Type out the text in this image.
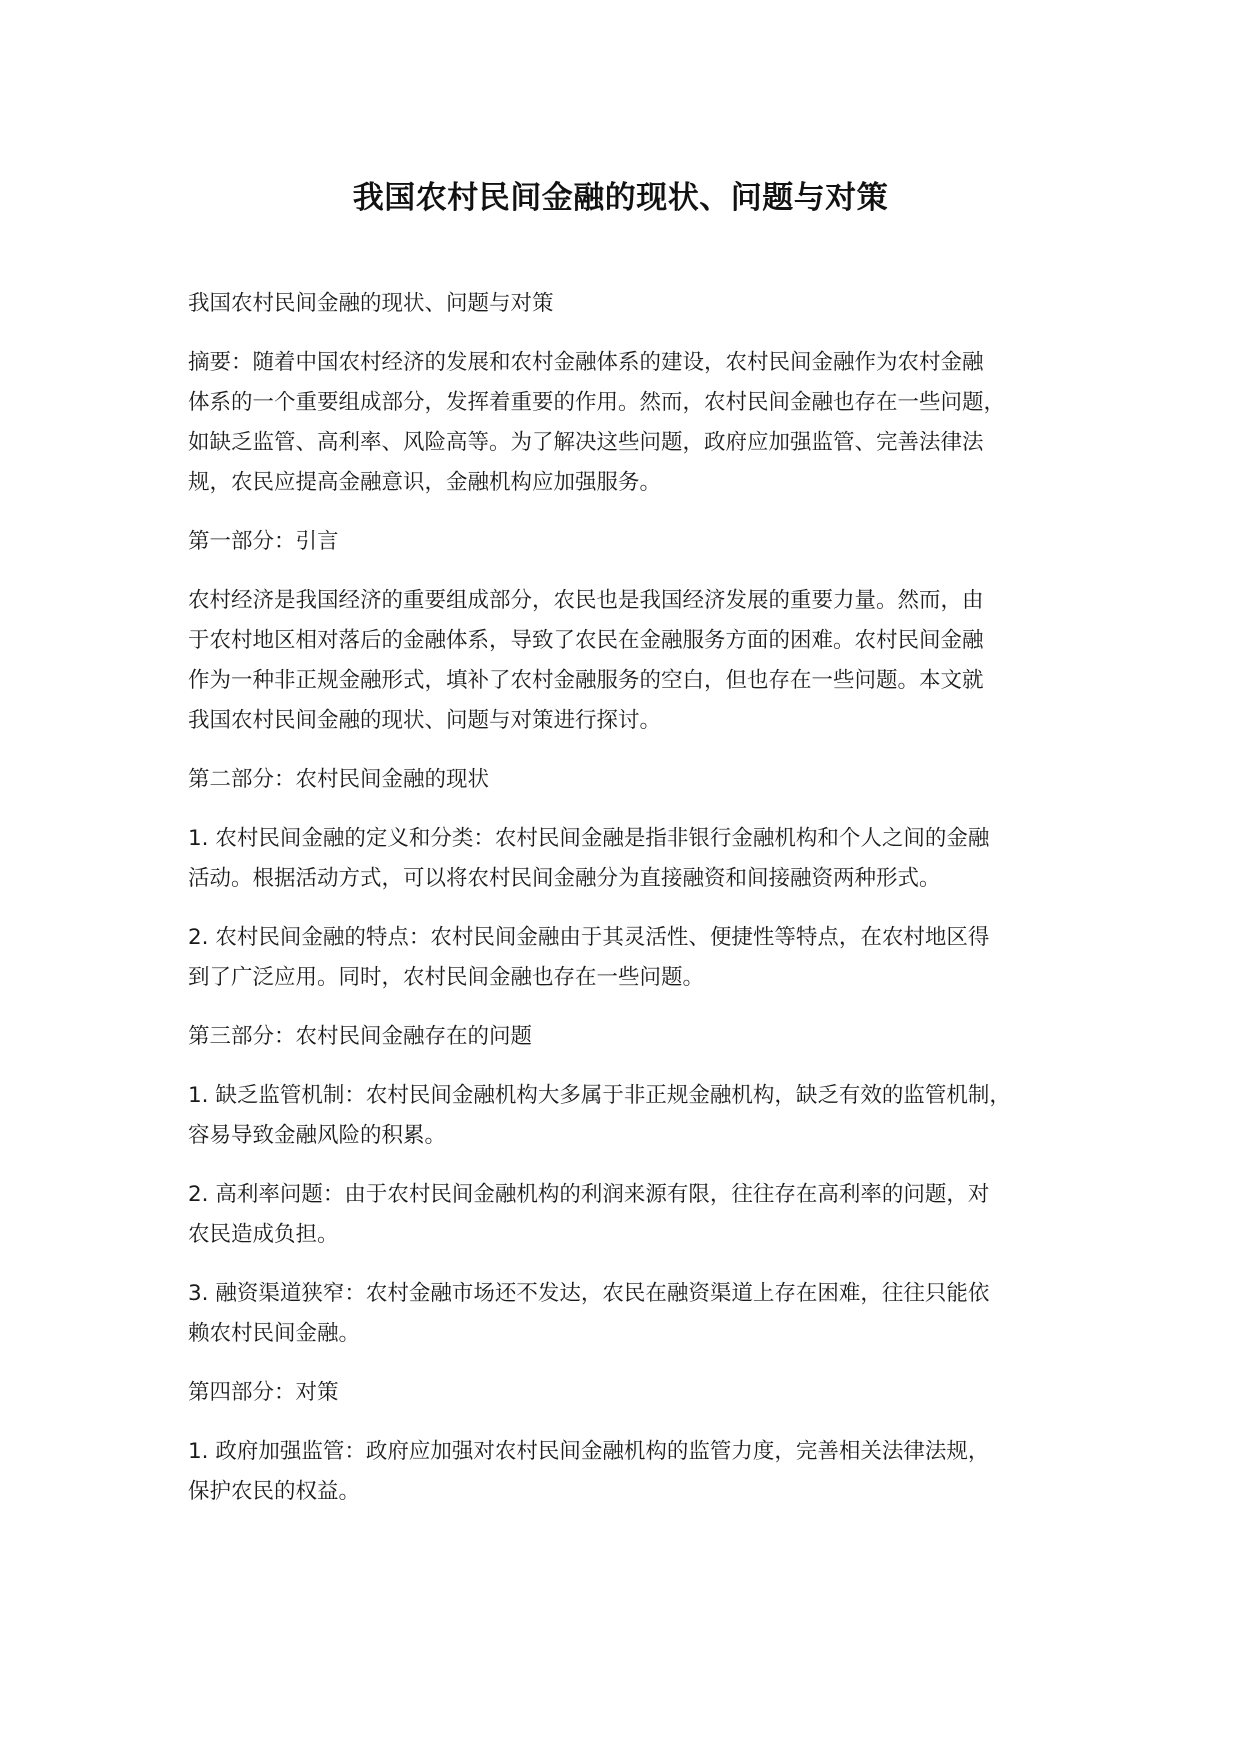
我国农村民间金融的现状、问题与对策

我国农村民间金融的现状、问题与对策

摘要：随着中国农村经济的发展和农村金融体系的建设，农村民间金融作为农村金融
体系的一个重要组成部分，发挥着重要的作用。然而，农村民间金融也存在一些问题，
如缺乏监管、高利率、风险高等。为了解决这些问题，政府应加强监管、完善法律法
规，农民应提高金融意识，金融机构应加强服务。

第一部分：引言

农村经济是我国经济的重要组成部分，农民也是我国经济发展的重要力量。然而，由
于农村地区相对落后的金融体系，导致了农民在金融服务方面的困难。农村民间金融
作为一种非正规金融形式，填补了农村金融服务的空白，但也存在一些问题。本文就
我国农村民间金融的现状、问题与对策进行探讨。

第二部分：农村民间金融的现状

1. 农村民间金融的定义和分类：农村民间金融是指非银行金融机构和个人之间的金融
活动。根据活动方式，可以将农村民间金融分为直接融资和间接融资两种形式。

2. 农村民间金融的特点：农村民间金融由于其灵活性、便捷性等特点，在农村地区得
到了广泛应用。同时，农村民间金融也存在一些问题。

第三部分：农村民间金融存在的问题

1. 缺乏监管机制：农村民间金融机构大多属于非正规金融机构，缺乏有效的监管机制，
容易导致金融风险的积累。

2. 高利率问题：由于农村民间金融机构的利润来源有限，往往存在高利率的问题，对
农民造成负担。

3. 融资渠道狭窄：农村金融市场还不发达，农民在融资渠道上存在困难，往往只能依
赖农村民间金融。

第四部分：对策

1. 政府加强监管：政府应加强对农村民间金融机构的监管力度，完善相关法律法规，
保护农民的权益。
